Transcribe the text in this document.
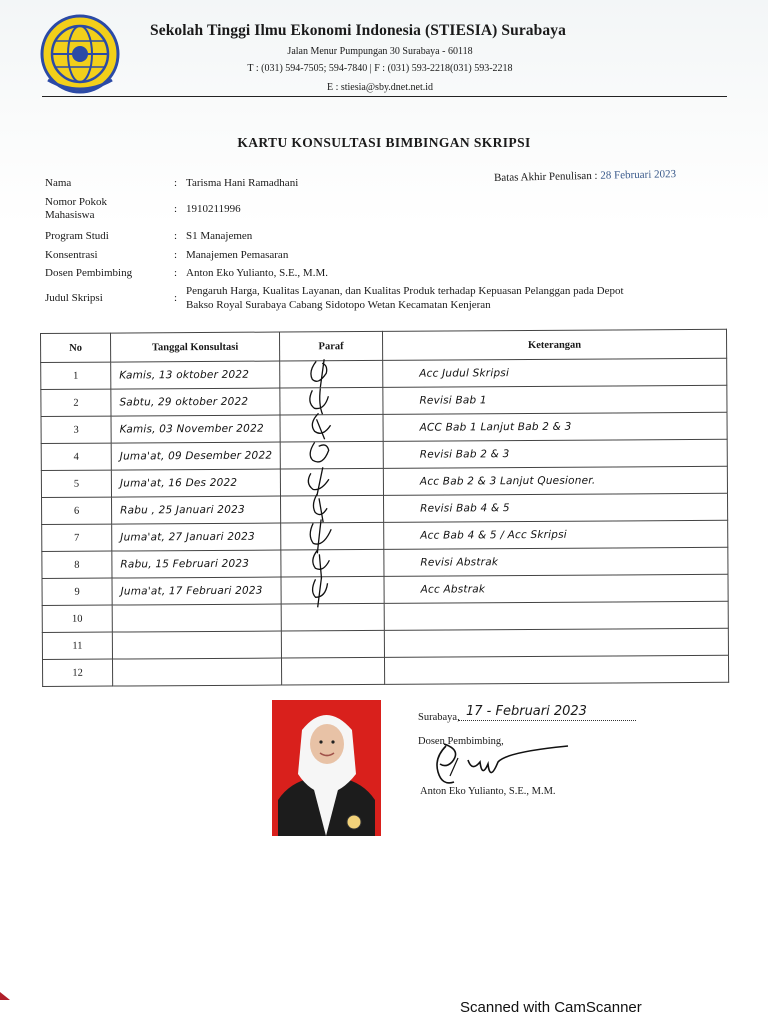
Sekolah Tinggi Ilmu Ekonomi Indonesia (STIESIA) Surabaya
Jalan Menur Pumpungan 30 Surabaya - 60118
T : (031) 594-7505; 594-7840 | F : (031) 593-2218(031) 593-2218
E : stiesia@sby.dnet.net.id
KARTU KONSULTASI BIMBINGAN SKRIPSI
Nama	: Tarisma Hani Ramadhani	Batas Akhir Penulisan : 28 Februari 2023
Nomor Pokok
Mahasiswa	: 1910211996
Program Studi	: S1 Manajemen
Konsentrasi	: Manajemen Pemasaran
Dosen Pembimbing	: Anton Eko Yulianto, S.E., M.M.
Judul Skripsi	:
Pengaruh Harga, Kualitas Layanan, dan Kualitas Produk terhadap Kepuasan Pelanggan pada Depot
Bakso Royal Surabaya Cabang Sidotopo Wetan Kecamatan Kenjeran
No	Tanggal Konsultasi	Paraf	Keterangan
1	Kamis, 13 oktober 2022		Acc Judul Skripsi
2	Sabtu, 29 oktober 2022		Revisi Bab 1
3	Kamis, 03 November 2022		ACC Bab 1 Lanjut Bab 2 & 3
4	Juma'at, 09 Desember 2022		Revisi Bab 2 & 3
5	Juma'at, 16 Des 2022		Acc Bab 2 & 3 Lanjut Quesioner.
6	Rabu , 25 Januari 2023		Revisi Bab 4 & 5
7	Juma'at, 27 Januari 2023		Acc Bab 4 & 5 / Acc Skripsi
8	Rabu, 15 Februari 2023		Revisi Abstrak
9	Juma'at, 17 Februari 2023		Acc Abstrak
10			
11			
12			
Surabaya, 17 - Februari 2023
Dosen Pembimbing,
Anton Eko Yulianto, S.E., M.M.
Scanned with CamScanner
